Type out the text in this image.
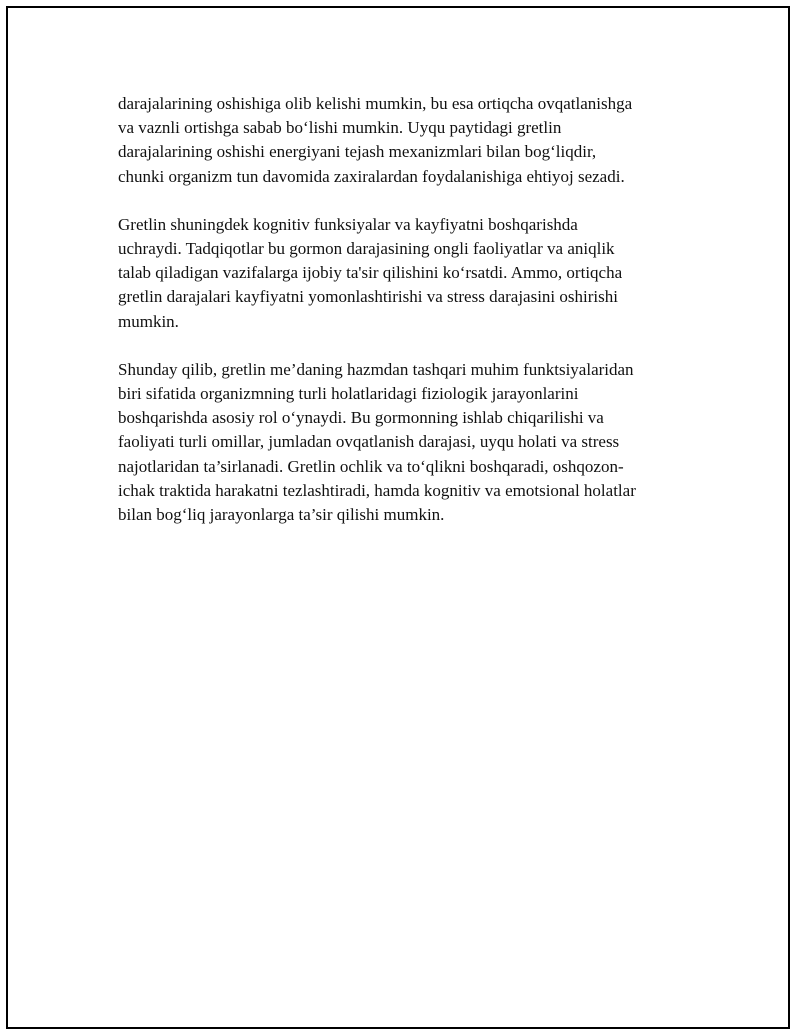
darajalarining oshishiga olib kelishi mumkin, bu esa ortiqcha ovqatlanishga
va vaznli ortishga sabab bo‘lishi mumkin. Uyqu paytidagi gretlin
darajalarining oshishi energiyani tejash mexanizmlari bilan bog‘liqdir,
chunki organizm tun davomida zaxiralardan foydalanishiga ehtiyoj sezadi.

Gretlin shuningdek kognitiv funksiyalar va kayfiyatni boshqarishda
uchraydi. Tadqiqotlar bu gormon darajasining ongli faoliyatlar va aniqlik
talab qiladigan vazifalarga ijobiy ta'sir qilishini ko‘rsatdi. Ammo, ortiqcha
gretlin darajalari kayfiyatni yomonlashtirishi va stress darajasini oshirishi
mumkin.

Shunday qilib, gretlin me’daning hazmdan tashqari muhim funktsiyalaridan
biri sifatida organizmning turli holatlaridagi fiziologik jarayonlarini
boshqarishda asosiy rol o‘ynaydi. Bu gormonning ishlab chiqarilishi va
faoliyati turli omillar, jumladan ovqatlanish darajasi, uyqu holati va stress
najotlaridan ta’sirlanadi. Gretlin ochlik va to‘qlikni boshqaradi, oshqozon-
ichak traktida harakatni tezlashtiradi, hamda kognitiv va emotsional holatlar
bilan bog‘liq jarayonlarga ta’sir qilishi mumkin.
